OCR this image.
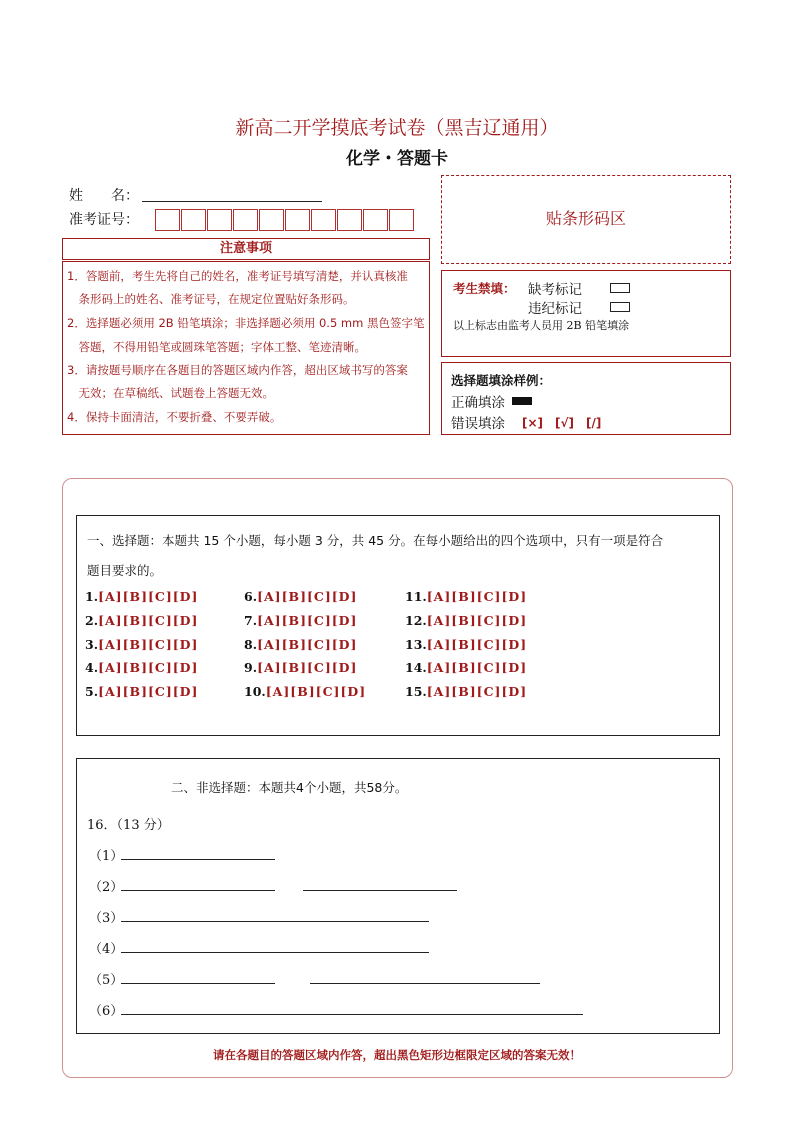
新高二开学摸底考试卷（黑吉辽通用）
化学・答题卡
姓　　名：
准考证号：
注意事项
1．答题前，考生先将自己的姓名，准考证号填写清楚，并认真核准
　条形码上的姓名、准考证号，在规定位置贴好条形码。
2．选择题必须用 2B 铅笔填涂；非选择题必须用 0.5 mm 黑色签字笔
　答题，不得用铅笔或圆珠笔答题；字体工整、笔迹清晰。
3．请按题号顺序在各题目的答题区域内作答，超出区域书写的答案
　无效；在草稿纸、试题卷上答题无效。
4．保持卡面清洁，不要折叠、不要弄破。
贴条形码区
考生禁填： 缺考标记
违纪标记
以上标志由监考人员用 2B 铅笔填涂
选择题填涂样例：
正确填涂
错误填涂 [×]　[√]　[/]
一、选择题：本题共 15 个小题，每小题 3 分，共 45 分。在每小题给出的四个选项中，只有一项是符合
题目要求的。
1.[A][B][C][D]
2.[A][B][C][D]
3.[A][B][C][D]
4.[A][B][C][D]
5.[A][B][C][D]
6.[A][B][C][D]
7.[A][B][C][D]
8.[A][B][C][D]
9.[A][B][C][D]
10.[A][B][C][D]
11.[A][B][C][D]
12.[A][B][C][D]
13.[A][B][C][D]
14.[A][B][C][D]
15.[A][B][C][D]
二、非选择题：本题共4个小题，共58分。
16．（13 分）
（1）
（2）
（3）
（4）
（5）
（6）
请在各题目的答题区域内作答，超出黑色矩形边框限定区域的答案无效！
